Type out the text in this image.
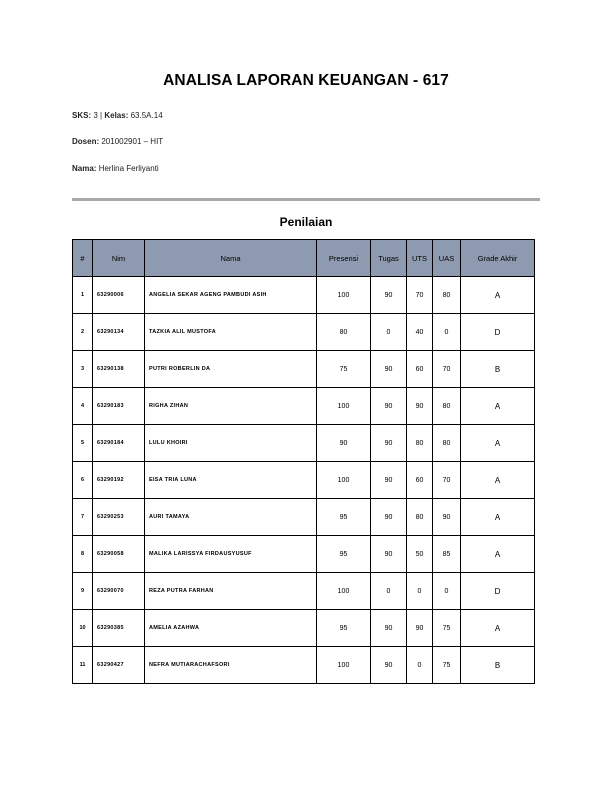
ANALISA LAPORAN KEUANGAN - 617
SKS: 3 | Kelas: 63.5A.14
Dosen: 201002901 – HIT
Nama: Herlina Ferliyanti
Penilaian
#	Nim	Nama	Presensi	Tugas	UTS	UAS	Grade Akhir
1	63290006	ANGELIA SEKAR AGENG PAMBUDI ASIH	100	90	70	80	A
2	63290134	TAZKIA ALIL MUSTOFA	80	0	40	0	D
3	63290138	PUTRI ROBERLIN DA	75	90	60	70	B
4	63290183	RIGHA ZIHAN	100	90	90	80	A
5	63290184	LULU KHOIRI	90	90	80	80	A
6	63290192	EISA TRIA LUNA	100	90	60	70	A
7	63290253	AURI TAMAYA	95	90	80	90	A
8	63290058	MALIKA LARISSYA FIRDAUSYUSUF	95	90	50	85	A
9	63290070	REZA PUTRA FARHAN	100	0	0	0	D
10	63290385	AMELIA AZAHWA	95	90	90	75	A
11	63290427	NEFRA MUTIARACHAFSORI	100	90	0	75	B
